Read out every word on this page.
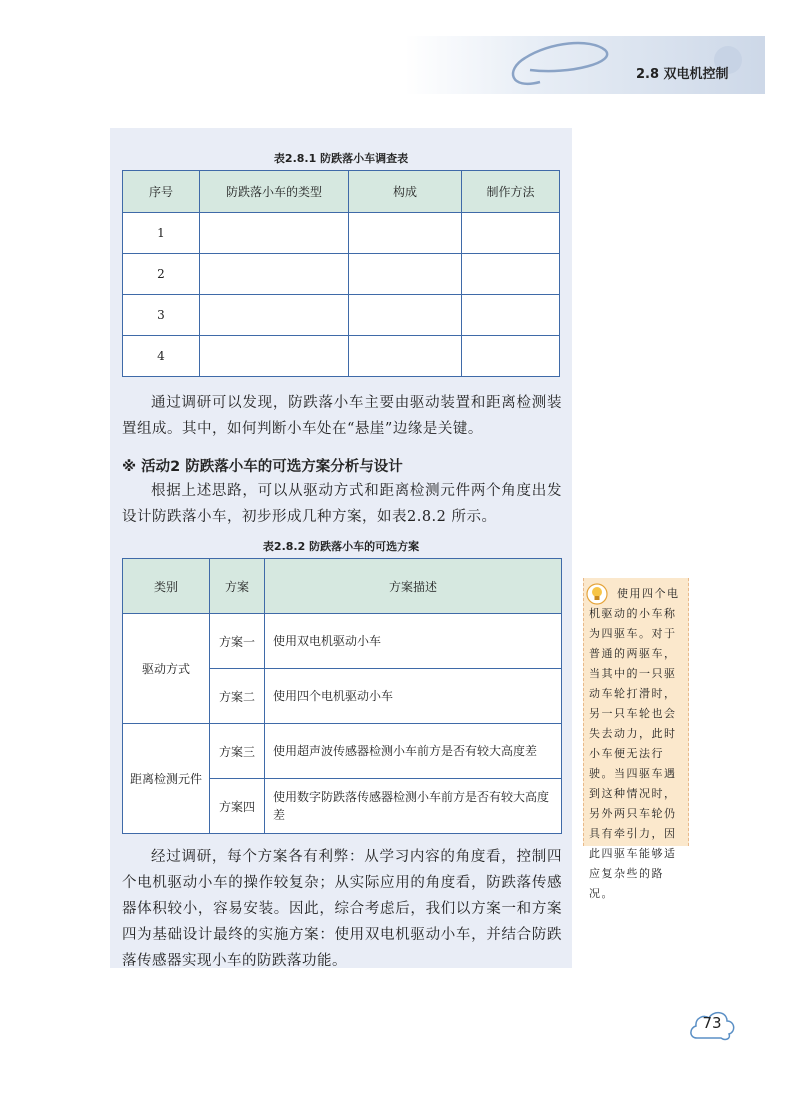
2.8 双电机控制
表2.8.1 防跌落小车调查表
序号	防跌落小车的类型	构成	制作方法
1			
2			
3			
4			

通过调研可以发现，防跌落小车主要由驱动装置和距离检测装置组成。其中，如何判断小车处在“悬崖”边缘是关键。

※ 活动2 防跌落小车的可选方案分析与设计

根据上述思路，可以从驱动方式和距离检测元件两个角度出发设计防跌落小车，初步形成几种方案，如表2.8.2 所示。

表2.8.2 防跌落小车的可选方案
类别	方案	方案描述
驱动方式	方案一	使用双电机驱动小车
	方案二	使用四个电机驱动小车
距离检测元件	方案三	使用超声波传感器检测小车前方是否有较大高度差
	方案四	使用数字防跌落传感器检测小车前方是否有较大高度差
使用四个电机驱动的小车称为四驱车。对于普通的两驱车，当其中的一只驱动车轮打滑时，另一只车轮也会失去动力，此时小车便无法行驶。当四驱车遇到这种情况时，另外两只车轮仍具有牵引力，因此四驱车能够适应复杂些的路况。

经过调研，每个方案各有利弊：从学习内容的角度看，控制四个电机驱动小车的操作较复杂；从实际应用的角度看，防跌落传感器体积较小，容易安装。因此，综合考虑后，我们以方案一和方案四为基础设计最终的实施方案：使用双电机驱动小车，并结合防跌落传感器实现小车的防跌落功能。

73
